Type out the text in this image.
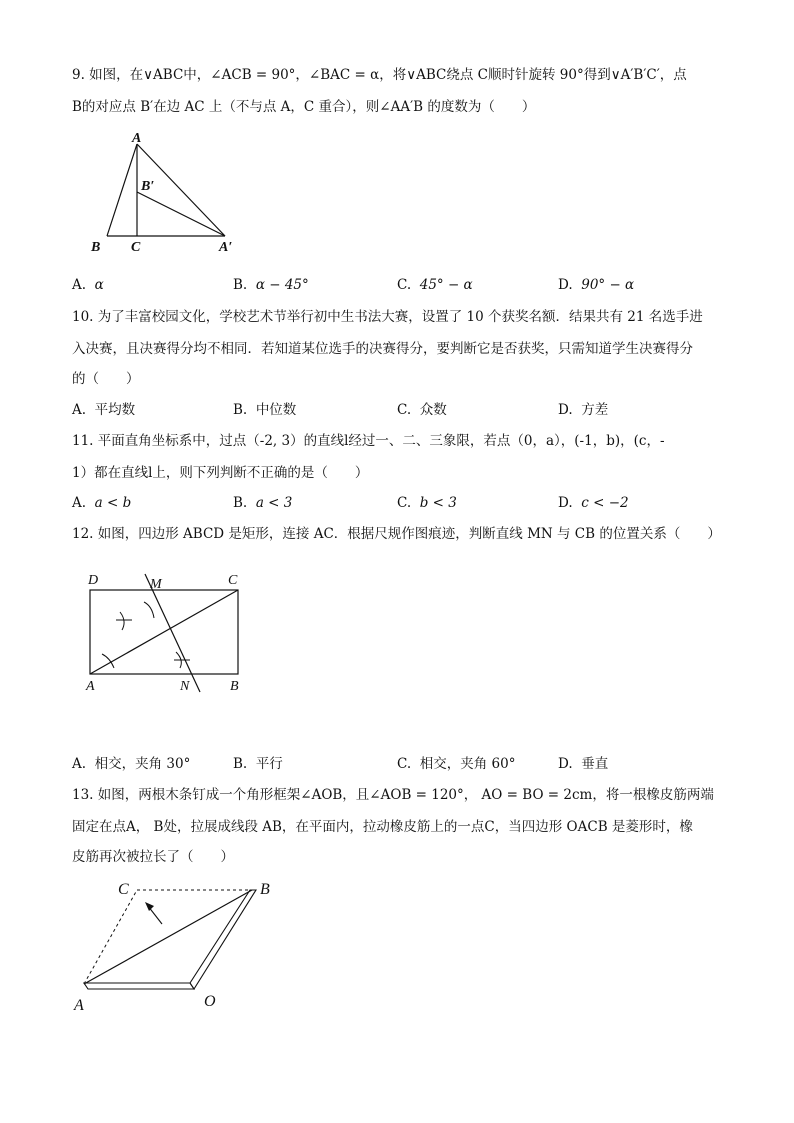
9. 如图，在∨ABC中，∠ACB = 90°，∠BAC = α，将∨ABC绕点 C顺时针旋转 90°得到∨A′B′C′，点
B的对应点 B′在边 AC 上（不与点 A，C 重合），则∠AA′B 的度数为（　　）
A
B′
B C	A′
A. α	B. α − 45°	C. 45° − α	D. 90° − α
10. 为了丰富校园文化，学校艺术节举行初中生书法大赛，设置了 10 个获奖名额．结果共有 21 名选手进
入决赛，且决赛得分均不相同．若知道某位选手的决赛得分，要判断它是否获奖，只需知道学生决赛得分
的（　　）
A. 平均数	B. 中位数	C. 众数	D. 方差
11. 平面直角坐标系中，过点（-2, 3）的直线l经过一、二、三象限，若点（0，a），(-1，b)，(c，-
1）都在直线l上，则下列判断不正确的是（　　）
A. a < b	B. a < 3	C. b < 3	D. c < −2
12. 如图，四边形 ABCD 是矩形，连接 AC．根据尺规作图痕迹，判断直线 MN 与 CB 的位置关系（　　）
D	M	C
A	N	B
A. 相交，夹角 30°	B. 平行	C. 相交，夹角 60°	D. 垂直
13. 如图，两根木条钉成一个角形框架∠AOB，且∠AOB = 120°， AO = BO = 2cm，将一根橡皮筋两端
固定在点A， B处，拉展成线段 AB，在平面内，拉动橡皮筋上的一点C，当四边形 OACB 是菱形时，橡
皮筋再次被拉长了（　　）
C	B
A	O
